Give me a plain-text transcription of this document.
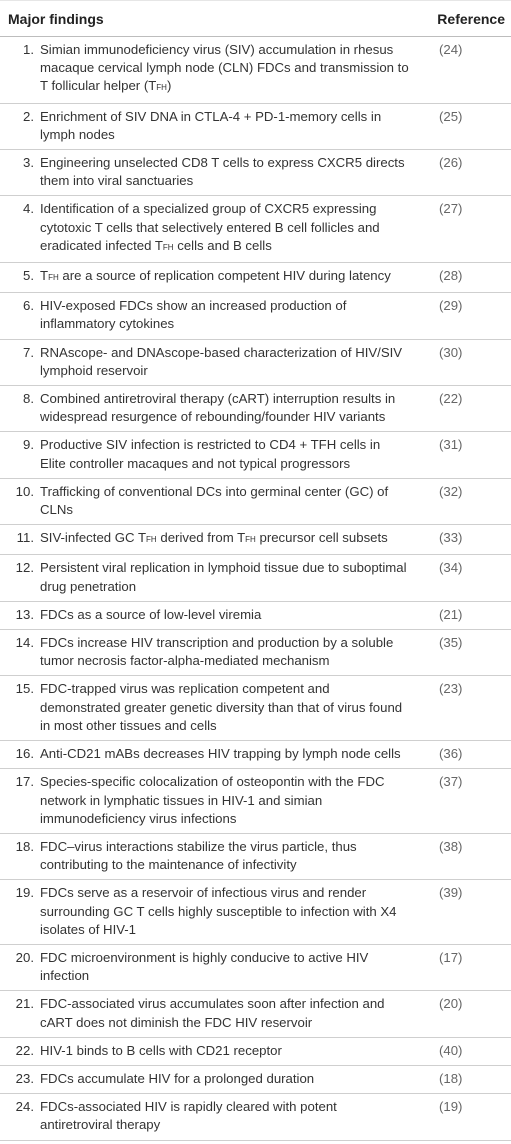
Major findings	Reference

1. Simian immunodeficiency virus (SIV) accumulation in rhesus macaque cervical lymph node (CLN) FDCs and transmission to T follicular helper (TFH)	(24)

2. Enrichment of SIV DNA in CTLA-4 + PD-1-memory cells in lymph nodes	(25)

3. Engineering unselected CD8 T cells to express CXCR5 directs them into viral sanctuaries	(26)

4. Identification of a specialized group of CXCR5 expressing cytotoxic T cells that selectively entered B cell follicles and eradicated infected TFH cells and B cells	(27)

5. TFH are a source of replication competent HIV during latency	(28)

6. HIV-exposed FDCs show an increased production of inflammatory cytokines	(29)

7. RNAscope- and DNAscope-based characterization of HIV/SIV lymphoid reservoir	(30)

8. Combined antiretroviral therapy (cART) interruption results in widespread resurgence of rebounding/founder HIV variants	(22)

9. Productive SIV infection is restricted to CD4 + TFH cells in Elite controller macaques and not typical progressors	(31)

10. Trafficking of conventional DCs into germinal center (GC) of CLNs	(32)

11. SIV-infected GC TFH derived from TFH precursor cell subsets	(33)

12. Persistent viral replication in lymphoid tissue due to suboptimal drug penetration	(34)

13. FDCs as a source of low-level viremia	(21)

14. FDCs increase HIV transcription and production by a soluble tumor necrosis factor-alpha-mediated mechanism	(35)

15. FDC-trapped virus was replication competent and demonstrated greater genetic diversity than that of virus found in most other tissues and cells	(23)

16. Anti-CD21 mABs decreases HIV trapping by lymph node cells	(36)

17. Species-specific colocalization of osteopontin with the FDC network in lymphatic tissues in HIV-1 and simian immunodeficiency virus infections	(37)

18. FDC–virus interactions stabilize the virus particle, thus contributing to the maintenance of infectivity	(38)

19. FDCs serve as a reservoir of infectious virus and render surrounding GC T cells highly susceptible to infection with X4 isolates of HIV-1	(39)

20. FDC microenvironment is highly conducive to active HIV infection	(17)

21. FDC-associated virus accumulates soon after infection and cART does not diminish the FDC HIV reservoir	(20)

22. HIV-1 binds to B cells with CD21 receptor	(40)

23. FDCs accumulate HIV for a prolonged duration	(18)

24. FDCs-associated HIV is rapidly cleared with potent antiretroviral therapy	(19)
